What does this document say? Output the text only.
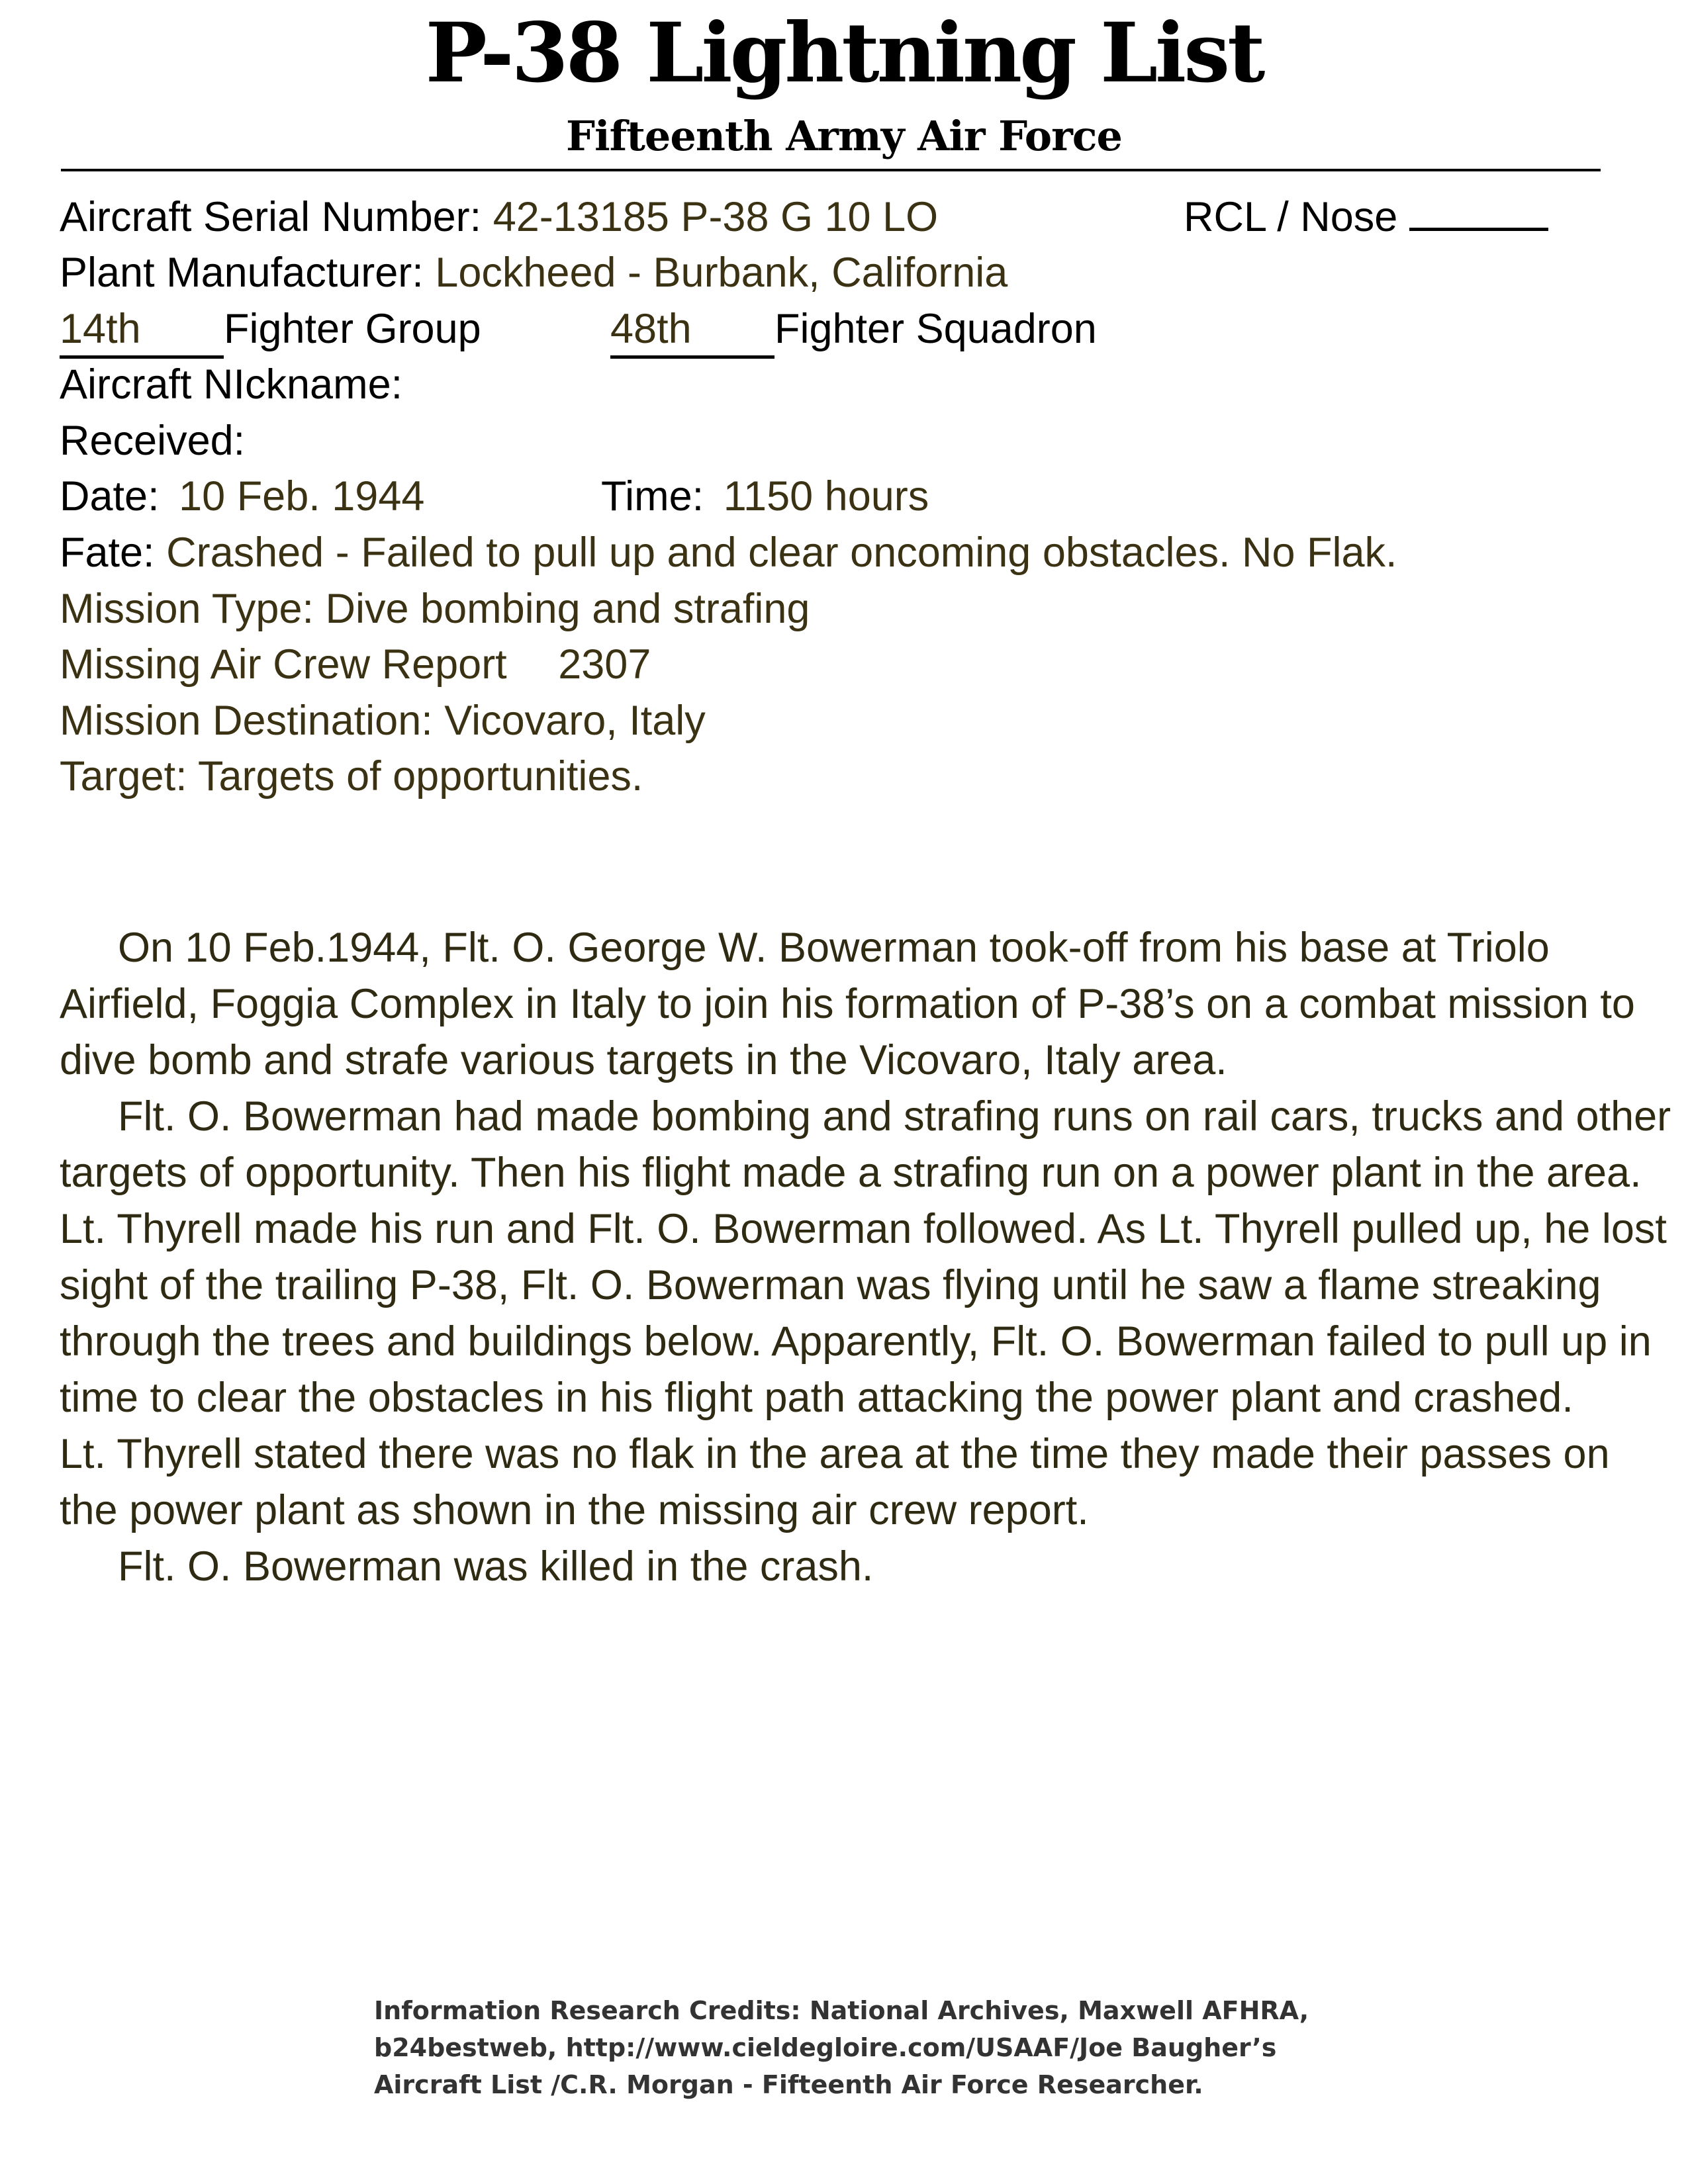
P-38 Lightning List
Fifteenth Army Air Force
Aircraft Serial Number: 42-13185 P-38 G 10 LO	RCL / Nose
Plant Manufacturer: Lockheed - Burbank, California
14th Fighter Group	48th Fighter Squadron
Aircraft NIckname:
Received:
Date: 10 Feb. 1944	Time: 1150 hours
Fate: Crashed - Failed to pull up and clear oncoming obstacles. No Flak.
Mission Type: Dive bombing and strafing
Missing Air Crew Report 2307
Mission Destination: Vicovaro, Italy
Target: Targets of opportunities.

On 10 Feb.1944, Flt. O. George W. Bowerman took-off from his base at Triolo Airfield, Foggia Complex in Italy to join his formation of P-38’s on a combat mission to dive bomb and strafe various targets in the Vicovaro, Italy area.

Flt. O. Bowerman had made bombing and strafing runs on rail cars, trucks and other targets of opportunity. Then his flight made a strafing run on a power plant in the area. Lt. Thyrell made his run and Flt. O. Bowerman followed. As Lt. Thyrell pulled up, he lost sight of the trailing P-38, Flt. O. Bowerman was flying until he saw a flame streaking through the trees and buildings below. Apparently, Flt. O. Bowerman failed to pull up in time to clear the obstacles in his flight path attacking the power plant and crashed.

Lt. Thyrell stated there was no flak in the area at the time they made their passes on the power plant as shown in the missing air crew report.

Flt. O. Bowerman was killed in the crash.

Information Research Credits: National Archives, Maxwell AFHRA,
b24bestweb, http://www.cieldegloire.com/USAAF/Joe Baugher’s
Aircraft List /C.R. Morgan - Fifteenth Air Force Researcher.
